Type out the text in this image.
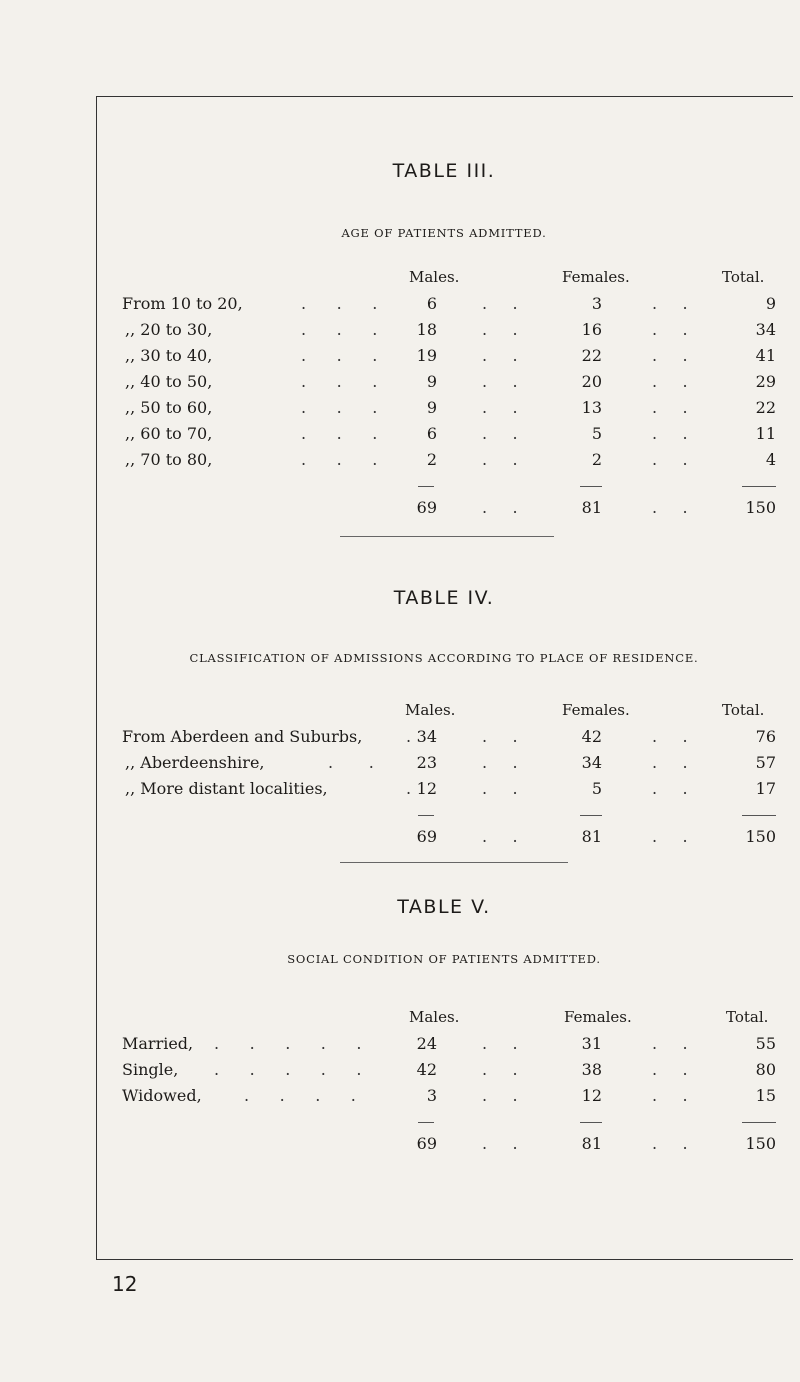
TABLE III.
AGE OF PATIENTS ADMITTED.
Males.	Females.	Total.
From 10 to 20,	.      .      .	6	.     .	3	.     .	9
,, 20 to 30,	.      .      . 18	.     .	16	.     .	34
,, 30 to 40,	.      .      . 19	.     .	22	.     .	41
,, 40 to 50,	.      .      .	9	.     .	20	.     .	29
,, 50 to 60,	.      .      .	9	.     .	13	.     .	22
,, 60 to 70,	.      .      .	6	.     .	5	.     .	11
,, 70 to 80,	.      .      .	2	.     .	2	.     .	4
69	.     .	81	.     .	150
TABLE IV.
CLASSIFICATION OF ADMISSIONS ACCORDING TO PLACE OF RESIDENCE.
Males.	Females.	Total.
From Aberdeen and Suburbs,	. 34	.     .	42	.     .	76
,, Aberdeenshire,	.       .	23	.     .	34	.     .	57
,, More distant localities,	. 12	.     .	5	.     .	17
69	.     .	81	.     .	150
TABLE V.
SOCIAL CONDITION OF PATIENTS ADMITTED.
Males.	Females.	Total.
Married, .      .      .      .      .	24	.     .	31	.     .	55
Single, .      .      .      .      .	42	.     .	38	.     .	80
Widowed,	.      .      .      .	3	.     .	12	.     .	15
69	.     .	81	.     .	150
12
